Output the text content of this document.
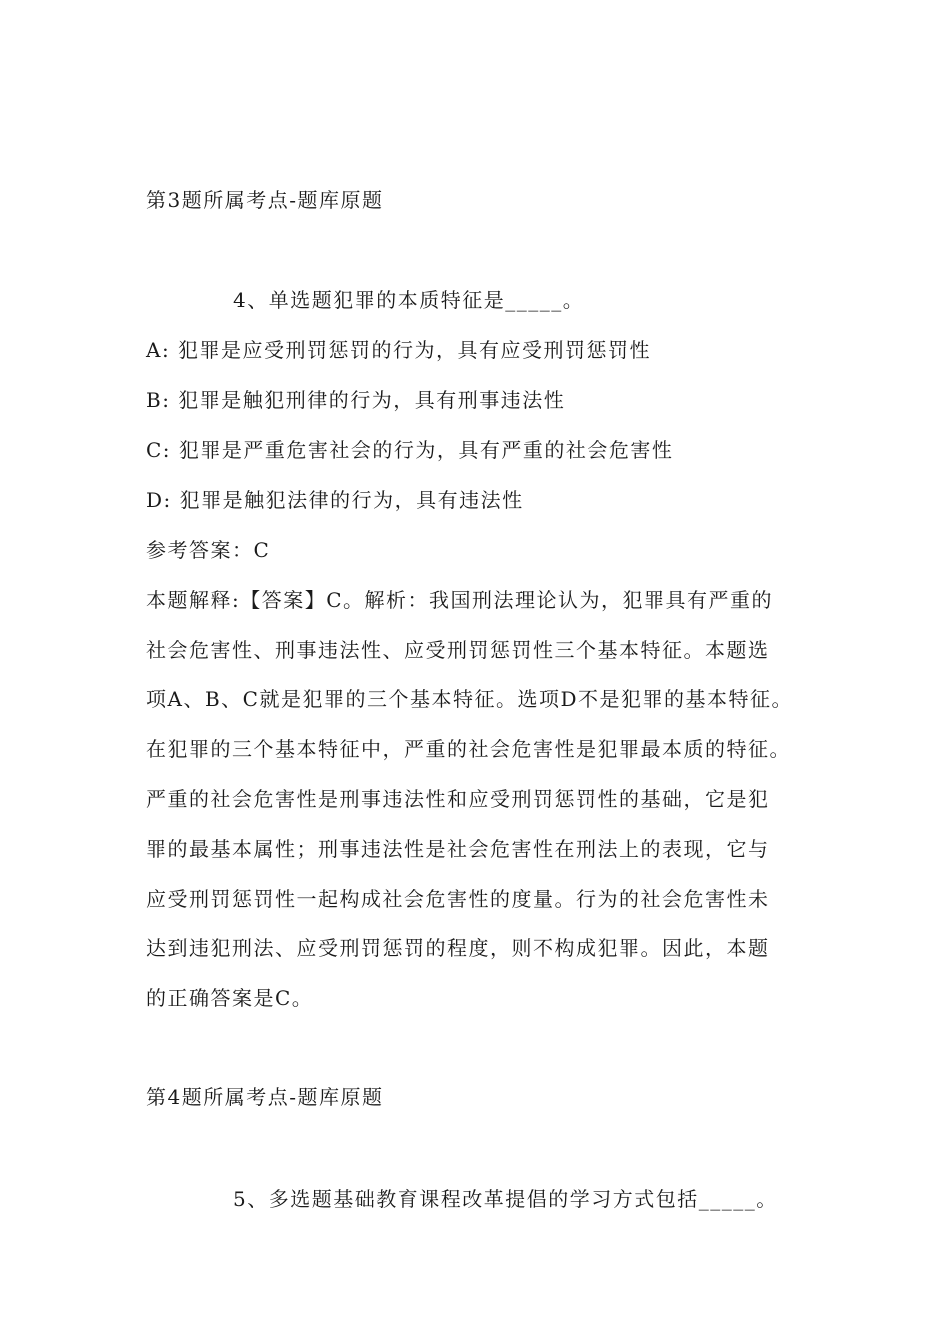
第3题所属考点-题库原题
4、单选题犯罪的本质特征是_____。
A: 犯罪是应受刑罚惩罚的行为，具有应受刑罚惩罚性
B: 犯罪是触犯刑律的行为，具有刑事违法性
C: 犯罪是严重危害社会的行为，具有严重的社会危害性
D: 犯罪是触犯法律的行为，具有违法性
参考答案：C
本题解释:【答案】C。解析：我国刑法理论认为，犯罪具有严重的
社会危害性、刑事违法性、应受刑罚惩罚性三个基本特征。本题选
项A、B、C就是犯罪的三个基本特征。选项D不是犯罪的基本特征。
在犯罪的三个基本特征中，严重的社会危害性是犯罪最本质的特征。
严重的社会危害性是刑事违法性和应受刑罚惩罚性的基础，它是犯
罪的最基本属性；刑事违法性是社会危害性在刑法上的表现，它与
应受刑罚惩罚性一起构成社会危害性的度量。行为的社会危害性未
达到违犯刑法、应受刑罚惩罚的程度，则不构成犯罪。因此，本题
的正确答案是C。
第4题所属考点-题库原题
5、多选题基础教育课程改革提倡的学习方式包括_____。
